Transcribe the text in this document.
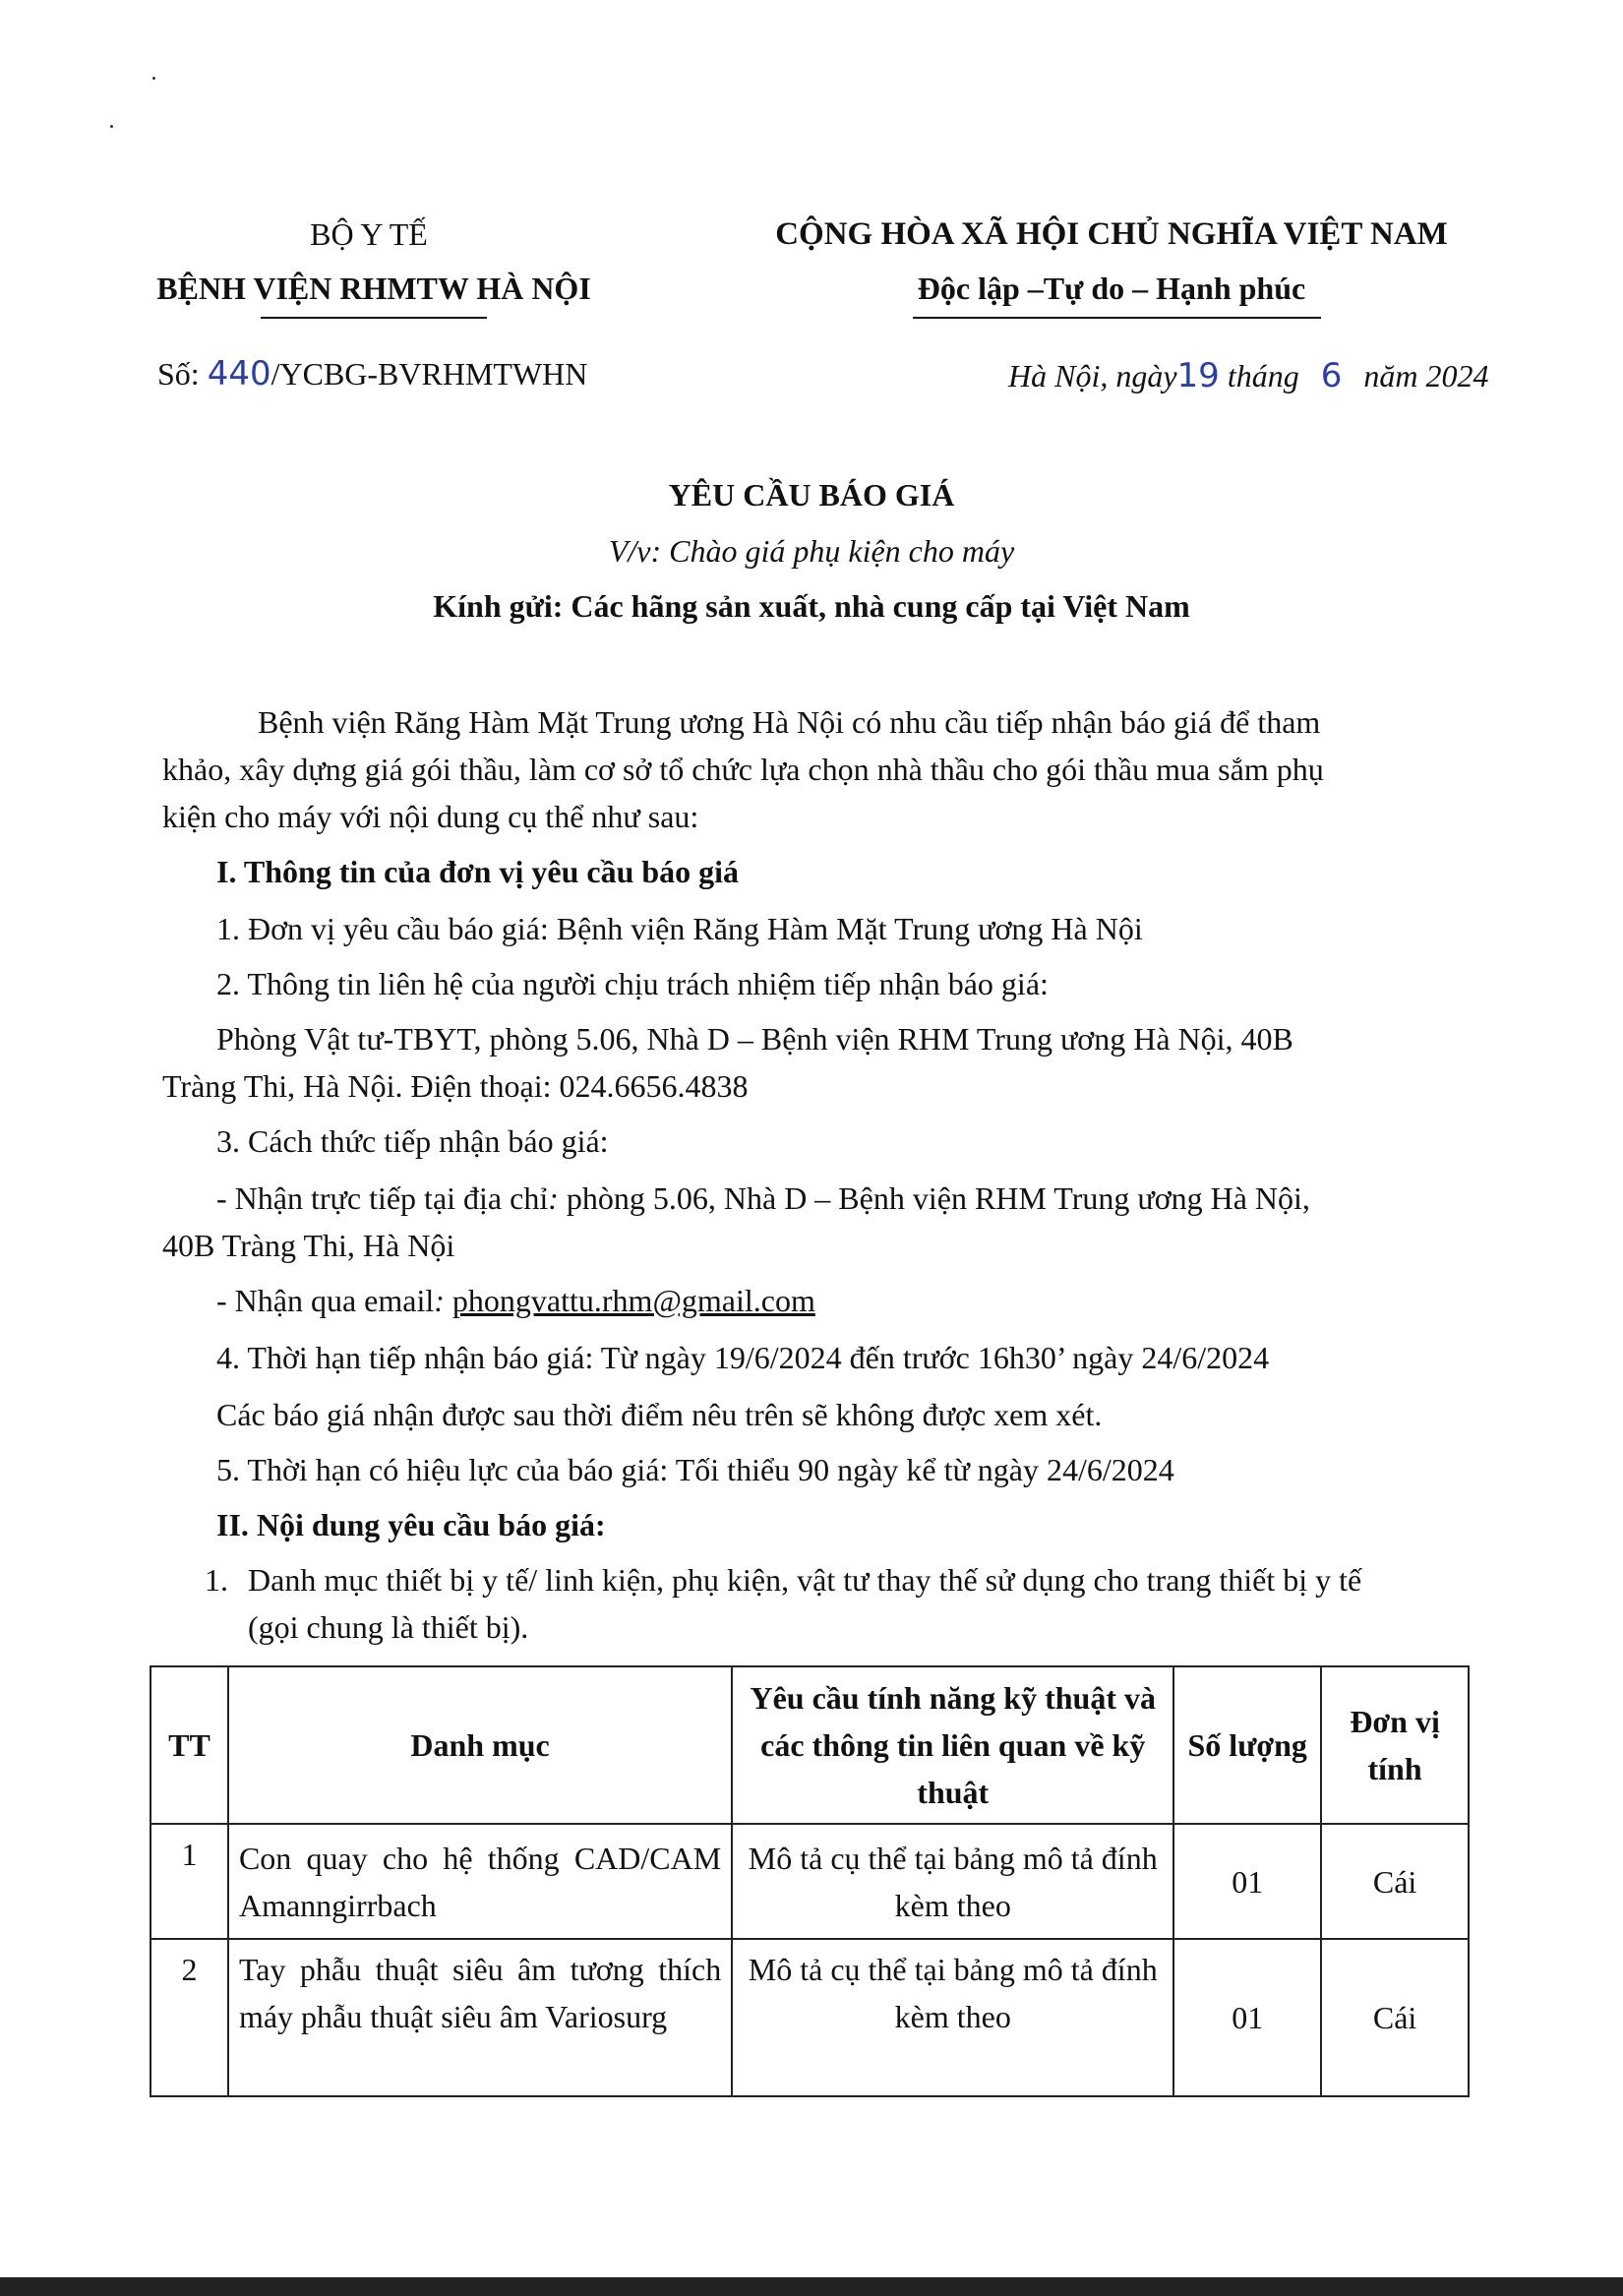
BỘ Y TẾ
BỆNH VIỆN RHMTW HÀ NỘI
Số: 440/YCBG-BVRHMTWHN
CỘNG HÒA XÃ HỘI CHỦ NGHĨA VIỆT NAM
Độc lập –Tự do – Hạnh phúc
Hà Nội, ngày19 tháng 6 năm 2024
YÊU CẦU BÁO GIÁ
V/v: Chào giá phụ kiện cho máy
Kính gửi: Các hãng sản xuất, nhà cung cấp tại Việt Nam

Bệnh viện Răng Hàm Mặt Trung ương Hà Nội có nhu cầu tiếp nhận báo giá để tham

khảo, xây dựng giá gói thầu, làm cơ sở tổ chức lựa chọn nhà thầu cho gói thầu mua sắm phụ

kiện cho máy với nội dung cụ thể như sau:

I. Thông tin của đơn vị yêu cầu báo giá

1. Đơn vị yêu cầu báo giá: Bệnh viện Răng Hàm Mặt Trung ương Hà Nội

2. Thông tin liên hệ của người chịu trách nhiệm tiếp nhận báo giá:

Phòng Vật tư-TBYT, phòng 5.06, Nhà D – Bệnh viện RHM Trung ương Hà Nội, 40B

Tràng Thi, Hà Nội. Điện thoại: 024.6656.4838

3. Cách thức tiếp nhận báo giá:

- Nhận trực tiếp tại địa chỉ: phòng 5.06, Nhà D – Bệnh viện RHM Trung ương Hà Nội,

40B Tràng Thi, Hà Nội

- Nhận qua email: phongvattu.rhm@gmail.com

4. Thời hạn tiếp nhận báo giá: Từ ngày 19/6/2024 đến trước 16h30’ ngày 24/6/2024

Các báo giá nhận được sau thời điểm nêu trên sẽ không được xem xét.

5. Thời hạn có hiệu lực của báo giá: Tối thiểu 90 ngày kể từ ngày 24/6/2024

II. Nội dung yêu cầu báo giá:

1. Danh mục thiết bị y tế/ linh kiện, phụ kiện, vật tư thay thế sử dụng cho trang thiết bị y tế

(gọi chung là thiết bị).

TT	Danh mục	Yêu cầu tính năng kỹ thuật và các thông tin liên quan về kỹ thuật	Số lượng	Đơn vị tính
1	Con quay cho hệ thống CAD/CAM Amanngirrbach	Mô tả cụ thể tại bảng mô tả đính kèm theo	01	Cái
2	Tay phẫu thuật siêu âm tương thích máy phẫu thuật siêu âm Variosurg	Mô tả cụ thể tại bảng mô tả đính kèm theo	01	Cái
